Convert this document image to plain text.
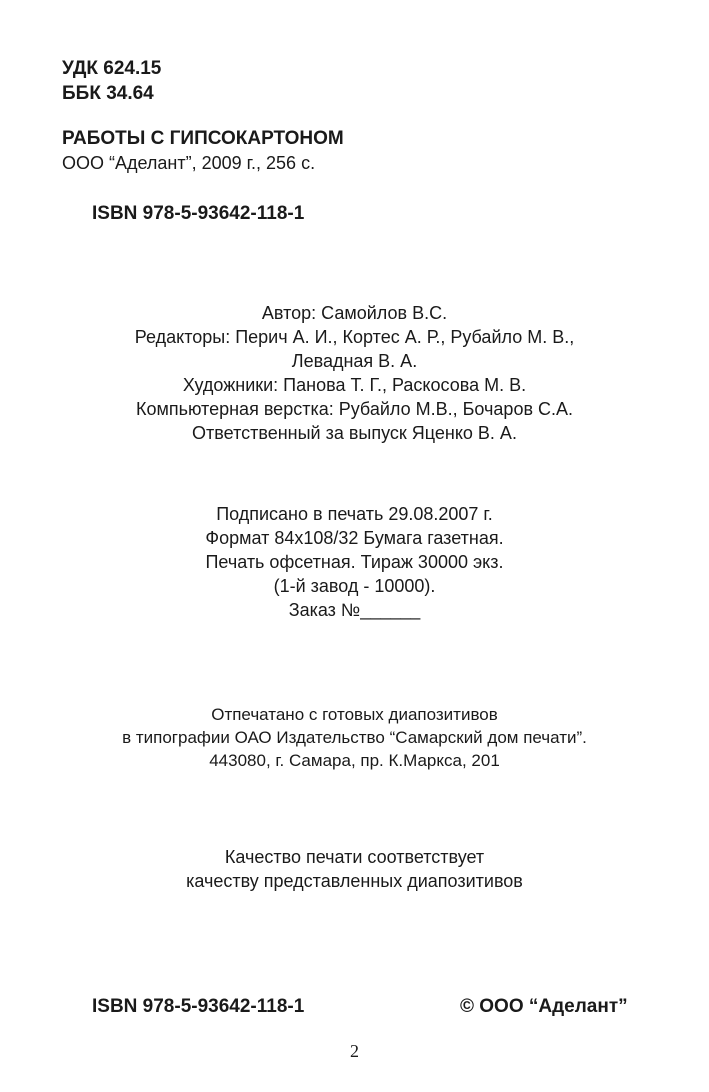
УДК 624.15
ББК 34.64
РАБОТЫ С ГИПСОКАРТОНОМ
ООО “Аделант”, 2009 г., 256 с.
ISBN 978-5-93642-118-1
Автор: Самойлов В.С.
Редакторы: Перич А. И., Кортес А. Р., Рубайло М. В.,
Левадная В. А.
Художники: Панова Т. Г., Раскосова М. В.
Компьютерная верстка: Рубайло М.В., Бочаров С.А.
Ответственный за выпуск Яценко В. А.
Подписано в печать 29.08.2007 г.
Формат 84x108/32 Бумага газетная.
Печать офсетная. Тираж 30000 экз.
(1-й завод - 10000).
Заказ №______
Отпечатано с готовых диапозитивов
в типографии ОАО Издательство “Самарский дом печати”.
443080, г. Самара, пр. К.Маркса, 201
Качество печати соответствует
качеству представленных диапозитивов
ISBN 978-5-93642-118-1	© ООО “Аделант”
2
